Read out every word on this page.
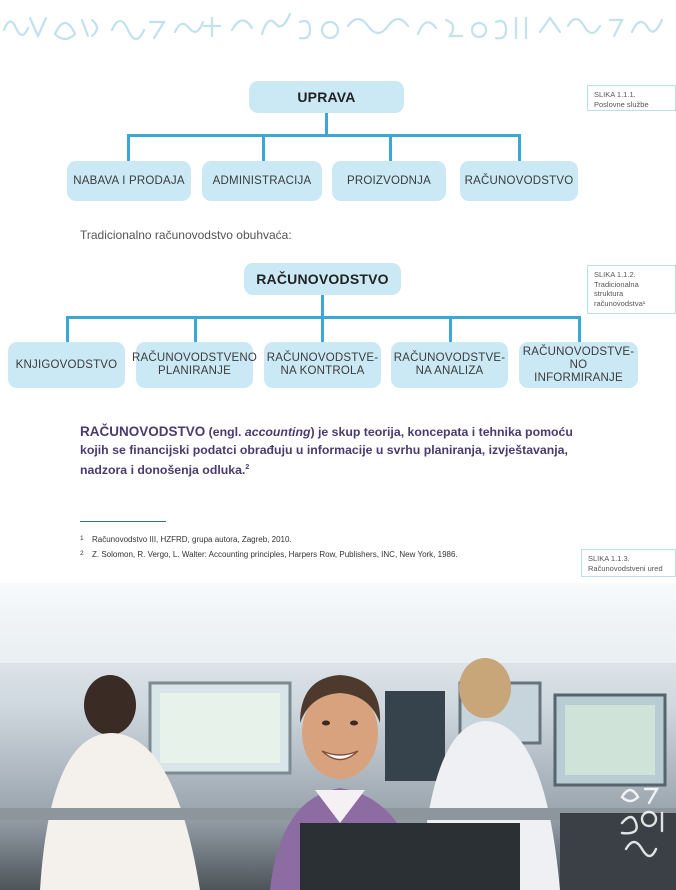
UPRAVA
NABAVA I PRODAJA	ADMINISTRACIJA	PROIZVODNJA	RAČUNOVODSTVO
SLIKA 1.1.1.
Poslovne službe
Tradicionalno računovodstvo obuhvaća:
RAČUNOVODSTVO
KNJIGOVODSTVO
RAČUNOVODSTVENO
PLANIRANJE
RAČUNOVODSTVE-
NA KONTROLA
RAČUNOVODSTVE-
NA ANALIZA
RAČUNOVODSTVE-
NO INFORMIRANJE
SLIKA 1.1.2.
Tradicionalna
struktura
računovodstva¹
RAČUNOVODSTVO (engl. accounting) je skup teorija, koncepata i tehnika pomoću kojih se financijski podatci obrađuju u informacije u svrhu planiranja, izvještavanja, nadzora i donošenja odluka.$^2$
1 Računovodstvo III, HZFRD, grupa autora, Zagreb, 2010.
2 Z. Solomon, R. Vergo, L. Walter: Accounting principles, Harpers Row, Publishers, INC, New York, 1986.	SLIKA 1.1.3.
Računovodstveni ured
